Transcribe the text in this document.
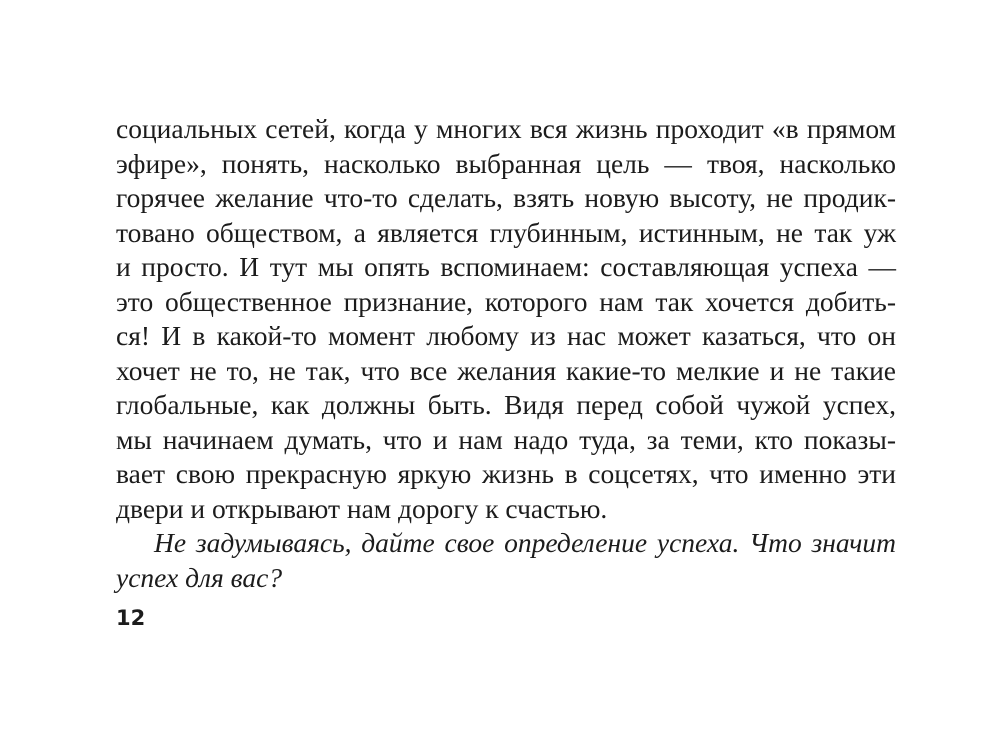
социальных сетей, когда у многих вся жизнь проходит «в прямом
эфире», понять, насколько выбранная цель — твоя, насколько
горячее желание что-то сделать, взять новую высоту, не продик-
товано обществом, а является глубинным, истинным, не так уж
и просто. И тут мы опять вспоминаем: составляющая успеха —
это общественное признание, которого нам так хочется добить-
ся! И в какой-то момент любому из нас может казаться, что он
хочет не то, не так, что все желания какие-то мелкие и не такие
глобальные, как должны быть. Видя перед собой чужой успех,
мы начинаем думать, что и нам надо туда, за теми, кто показы-
вает свою прекрасную яркую жизнь в соцсетях, что именно эти
двери и открывают нам дорогу к счастью.
Не задумываясь, дайте свое определение успеха. Что значит
успех для вас?
12
